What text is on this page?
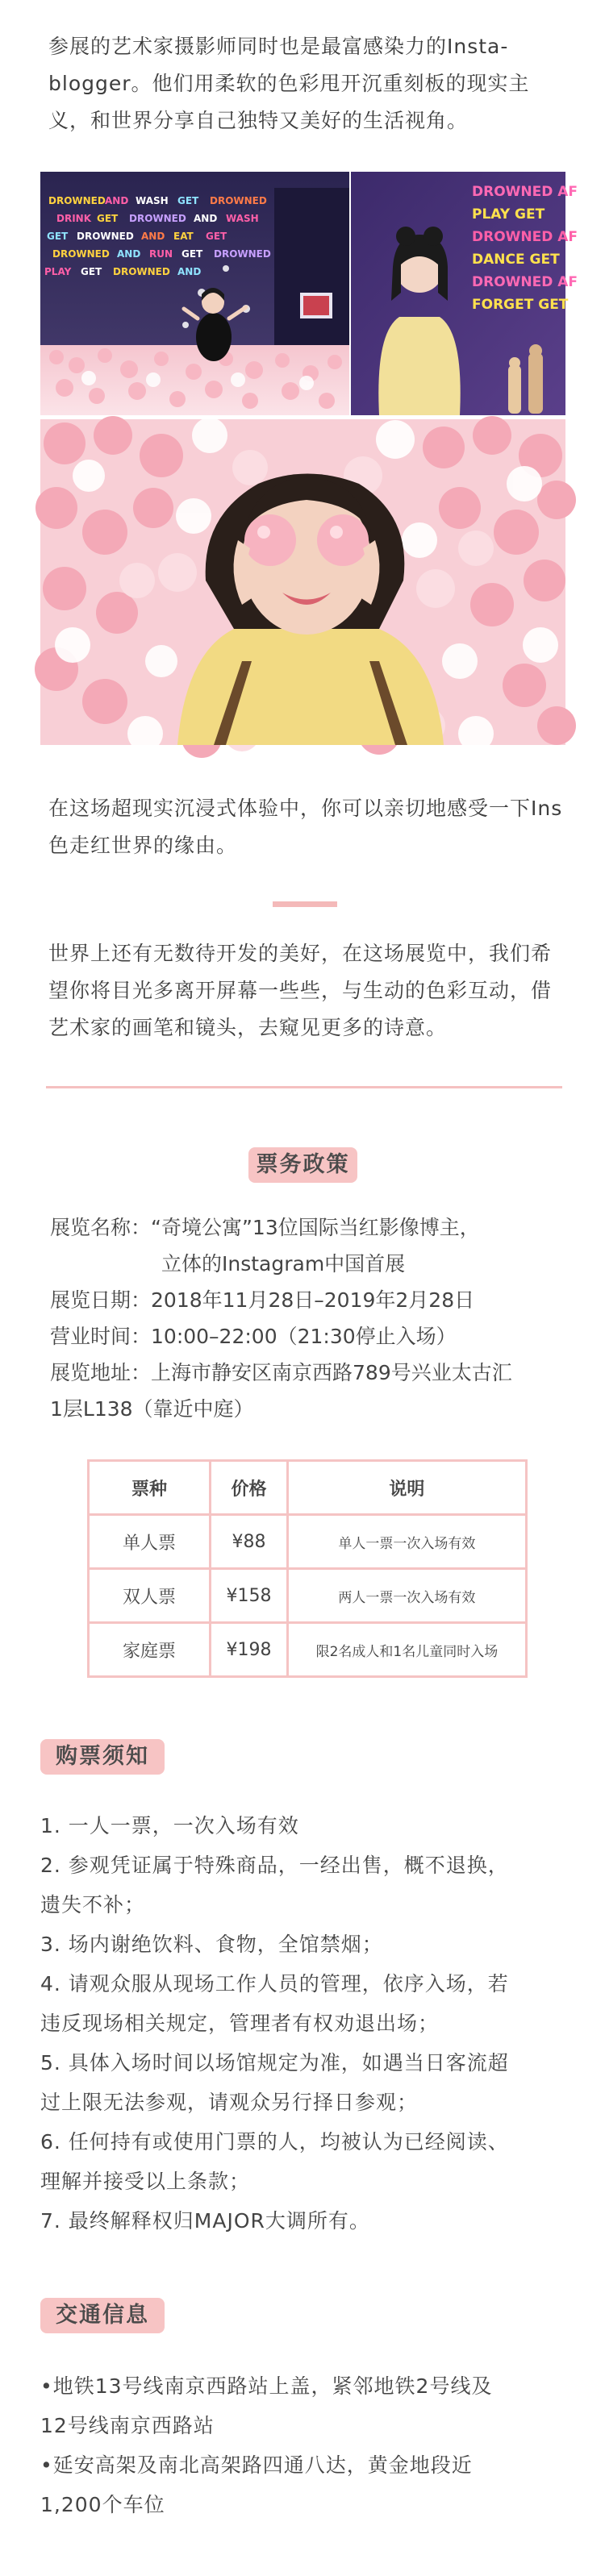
参展的艺术家摄影师同时也是最富感染力的Insta-blogger。他们用柔软的色彩甩开沉重刻板的现实主义，和世界分享自己独特又美好的生活视角。

DROWNED AND WASH GET DROWNED
DRINK GET DROWNED AND WASH
GET DROWNED AND EAT GET
DROWNED AND RUN GET DROWNED
PLAY GET DROWNED AND
DROWNED AF
PLAY GET
DROWNED AF
DANCE GET
DROWNED AF
FORGET GET

在这场超现实沉浸式体验中，你可以亲切地感受一下Ins色走红世界的缘由。

世界上还有无数待开发的美好，在这场展览中，我们希望你将目光多离开屏幕一些些，与生动的色彩互动，借艺术家的画笔和镜头，去窥见更多的诗意。

票务政策
展览名称：“奇境公寓”13位国际当红影像博主，
立体的Instagram中国首展
展览日期：2018年11月28日–2019年2月28日
营业时间：10:00–22:00（21:30停止入场）
展览地址：上海市静安区南京西路789号兴业太古汇
1层L138（靠近中庭）
票种	价格	说明
单人票	¥88	单人一票一次入场有效
双人票	¥158	两人一票一次入场有效
家庭票	¥198	限2名成人和1名儿童同时入场
购票须知
1. 一人一票，一次入场有效
2. 参观凭证属于特殊商品，一经出售，概不退换，
遗失不补；
3. 场内谢绝饮料、食物，全馆禁烟；
4. 请观众服从现场工作人员的管理，依序入场，若
违反现场相关规定，管理者有权劝退出场；
5. 具体入场时间以场馆规定为准，如遇当日客流超
过上限无法参观，请观众另行择日参观；
6. 任何持有或使用门票的人，均被认为已经阅读、
理解并接受以上条款；
7. 最终解释权归MAJOR大调所有。
交通信息
•地铁13号线南京西路站上盖，紧邻地铁2号线及
12号线南京西路站
•延安高架及南北高架路四通八达，黄金地段近
1,200个车位
